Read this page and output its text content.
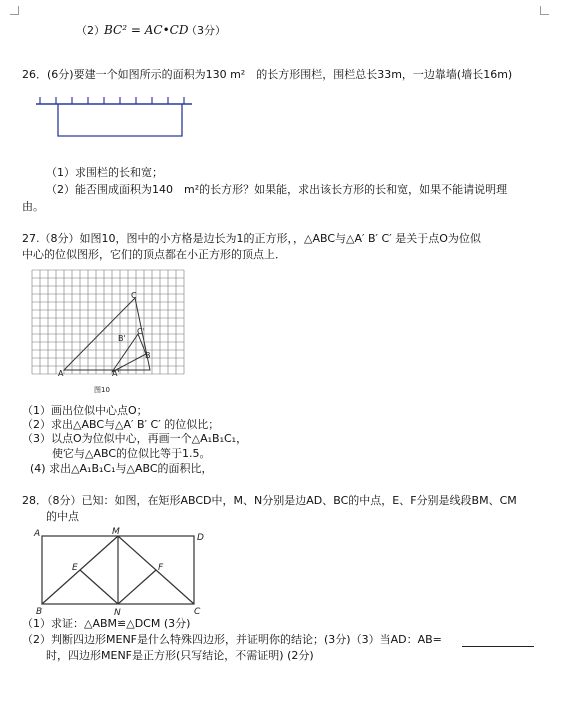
（2） BC² = AC•CD
（3分）
26．(6分)要建一个如图所示的面积为130 m²　的长方形围栏，围栏总长33m，一边靠墙(墙长16m)
（1）求围栏的长和宽；
（2）能否围成面积为140　m²的长方形？如果能，求出该长方形的长和宽，如果不能请说明理
由。
27.（8分）如图10，图中的小方格是边长为1的正方形，，△ABC与△A′ B′ C′ 是关于点O为位似
中心的位似图形，它们的顶点都在小正方形的顶点上．
C
C'
B'
B
A	A'
图10
（1）画出位似中心点O；
（2）求出△ABC与△A′ B′ C′ 的位似比；
（3）以点O为位似中心，再画一个△A₁B₁C₁，
使它与△ABC的位似比等于1.5。
(4) 求出△A₁B₁C₁与△ABC的面积比，
28．（8分）已知：如图，在矩形ABCD中，M、N分别是边AD、BC的中点，E、F分别是线段BM、CM
的中点
A	M
D
E	F
B	N	C
（1）求证：△ABM≌△DCM (3分)
（2）判断四边形MENF是什么特殊四边形，并证明你的结论；(3分)（3）当AD：AB=
时，四边形MENF是正方形(只写结论，不需证明) (2分)
